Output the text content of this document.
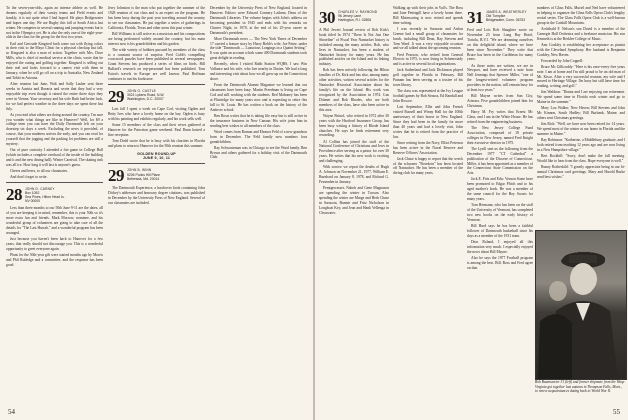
To the seven-year-olds, again an intense athlete as well. He dreams regularly of their varsity teams and Field events and frankly, it is not quite what I had hoped. He plays Bridgewater and hopes one day. We are Rugby this fall at South Africa last winter. He competes in several running and jumping events but is not in the Olympics yet. He is also the only one of the eight-year-olds in the class for the group for the first two years.

Earl and Gertrude Kingsted both come out with flying colors in their visit to the Mayo Clinic for a physical checkup last fall, so Kingsted is also a man of action. Together with Mrs. Dave Mills, who is chief of medical service at the clinic, wrote that he enjoyed the outing and golfing together. Kingsted is selling out their real and looks forward to a cameo visit with them in January, when he will go off on a trip to Australia, New Zealand and Tahiti in Arizona.

After reunion last June, Walt and Sally Lasher sent three weeks in Austria and Bavaria and wrote that they had a very enjoyable trip even though it rained the entire three days they were in Vienna. Your secretary and his wife Ruth had better luck, for we had perfect weather in the three days we spent there last July.

As you read what others are doing around the country, I'm sure you wonder what things are like in Hanover? Well, for $9 a college term you can have the Daily Dartmouth left on your doorstep six days a week. Excluding the news it provided, of course, that your madness arrives the early, and you can read for yourself that the jogging and the parking lot problems are still a mystery.

Out of pure curiosity I attended a fire game in College Hall (which includes a complete overhaul of the inside of the building and it and the new dining hall). Winter Carnival. The skating rink was all ice. How long it will last is anyone's guess.

Cheers and beers, to all our classmates.

And don't forget to write.

28 JOHN D. CARNEY
Box 1052
Sea Pines, Hilton Head Is.
NV 00000

Less than three months to our 50th June 9-11 are the dates, all of you are keeping it in mind, remember, this is your 50th so it's more extra fun and friends. Mark Morrow, nominee, and his wonderful group of volunteers are going to take care of all the details for "The Last Hurrah," and a wonderful program has been arranged.

Just because you haven't been back to Hanover for a few years, that really should not discourage you. This is a wonderful opportunity to greet everyone again.

Plans for the 50th-year gift were started months ago by Morris and Phil Rutledge and a committee, and the response has been good.

Jerry Johnston is the man who put together the summer of the 1928 reunion of our class and is an expert on the program. He has been busy during the past year traveling around the country to see our classmates. He put together a series of gatherings in California, Florida, Texas and other areas this past winter.

Bill Williams is still active as a musician and his compositions are being performed widely around the country, but his main interest now is his grandchildren and his garden.

The wide variety of hobbies pursued by members of the class is a constant source of surprise. Fred Cobb's compelling crossword puzzles have been published in several newspapers. Grant Stevens has produced a series of films on birds. Bill Bullard's research on rep-personnel has been published. Tom Eaton's travels in Europe are well known. Paul Hoffman continues to run his bookstore.

29 JOHN G. CASTLE
3021 Lykens Road, N.W.
Washington, D.C. 20007

Last fall I spent a week on Cape Cod, visiting Ogden and Betty Ives who have a lovely home on the bay. Ogden is busy with his painting and exhibits regularly, and his work sells well.

Some 15 members of the class and their wives gathered at Hanover for the Princeton game weekend. Paul Dunn hosted a fine reception.

Tom Dodd wrote that he is busy with his charities in Florida and plans to return to Hanover for the 50th reunion this summer.

GOLDEN ROUND-UP
JUNE 9, 10, 11
29 JOHN B. WINN
5206 Pooks Hill Place
Bethesda, Md. 20014

The Dartmouth Experience, a hardcover book containing John Dickey's addresses and honorary degree citations, was published in December by the University Press of New England. Several of our classmates are included.

December by the University Press of New England, located in Hanover. Editors were Edward Connery Lathem, Dean of the Dartmouth Libraries. The volume begins with John's address on becoming president in 1945 and ends with his remarks on Charter Night, in 1970, at the end of his 25-year career as Dartmouth's president.

More Dartmouth news — The New York Times of December 17 carried a feature story by Harry Bobb's wife, Joe Paine, under the title "Dartmouth — Luxurious Longings in a Quaint Setting." It was quite an account which some 400 Dartmouth students took great delight in reading.

Recently, when I visited Rabb Station WQBS, I saw Win Vallance and his wife, who live nearby in Darien. We had a long and interesting visit about how we all grew up on the Connecticut shore.

From the Dartmouth Alumni Magazine we learned that our classmates have been busy. Martin Freedman is living on Cape Cod and still working with the students. Red Mahoney has been at Flintridge for many years now and is expecting to retire this fall to St. Louis. He has written a book on the history of the Andover school.

Ben Rossi writes that he is taking life easy but is still active in the insurance business in New Canaan. His wife joins him in sending best wishes to all members of the class.

Word comes from Roman and Eleanor Feld of a new grandson born in December. The Feld family now numbers four grandchildren.

Ray Schwartzman was in Chicago to see the Ward family. Ben Brown and others gathered for a holiday visit of the Dartmouth Club.

54
30 CHARLES V. RAYMOND
96 Jersey Lane
Hartington, R.I. 02806

A Phil Jewett Journal review of Rob Kirk's book titled In 1974 "There Is Not Just One Shoreline" of Fiscal Year Nantucket history is included among the many articles. Rob, who lives in Nantucket, has been a student of Nantucket history for many years. He has published articles on the Island and its fishing industry.

Rob has been actively following the Hilton families of Dr. Kirk and has also, among many other activities, written several articles for the Nantucket Historical Association about his family's life on the Island. His work was recognized by the Association in 1974. Gus Dittmer and Bob Rhodes, who are both members of the class, have also been active in this area.

Wayne Bristol, who retired in 1972 after 30 years with the Hartford Insurance Group, has been busy writing a history of Rhode Island churches. He says he finds retirement very rewarding.

Al Collins has joined the staff of the National Conference of Christians and Jews in Providence after serving as a pastor for over 30 years. He writes that his new work is exciting and challenging.

With sorrow we report the deaths of Hugh A. Johnson on November 21, 1977, William E. Burnhard on January 8, 1978, and Richard G. Fessenden in January.

Pemigewasset, Nabob and Gene Magnuson are spending the winter in Tucson. Also spending the winter are Marge and Herb Chase in Sarasota, Bunnie and Fritz Nicholson in Longboat Key, and Jean and Hank Vellenga in Clearwater.

Walking up with their jobs in Vail's. The Ross and Jane Pettingill have a lovely home there. Bill Mainwaring is now retired and spends time writing.

I was recently in Sarasota and Arthur Greene had a small group of classmates for lunch, including Bill Dean, Ray Stevens and Tom Ward. It was a very enjoyable occasion and we all talked about the upcoming reunion.

Fred Pearson, who retired from General Electric in 1975, is now living in Schenectady and is active in several local organizations.

Jack Sutherland and Jack Dickinson played golf together in Florida in February. Bill Putnam has been serving as a trustee of his town library.

The class was represented at the Ivy League football games by Bob Strauss, Ed Randall and John Roscoe.

Last September, Ellie and John French visited Russell and Winny Hall for the 100th anniversary of their house in New England. Since they had been in the family for more than 40 years and had a lovely visit, John writes that he is retired from the practice of law.

Since retiring from the Navy, Elliot Peterson has been active in the Naval Reserve and Reserve Officers' Association.

Jack Chase is happy to report that the wreck of the schooner "Bowdoin" has been located off Nantucket. He has been a member of the diving club for many years.

31 JAMES A. WEATHERLEY
Old Turnpike
Bridgewater, Conn. 06752

Fred and Lois Rolt Slaughter wrote on November 23 from Long Bay Hotel, Tortola, B.V.I. "We are dreaming ourselves on this delightful island, where we have been since November." They write that Bruce has been in the Caribbean for many years.

As these notes are written, we are in Newport, and have received a note from Nell Jennings that Spencer Miller, "one of the longest-retired volunteer program providers in the nation, will remain busy for at least two years."

Bill Mayne writes from Sun City, Arizona. Five grandchildren joined him for Christmas.

Harry M. Fry writes that Ernest Mc Glass, and I am in the White House. He has retired from the engineering business.

The New Jersey College Fund Association, composed of 18 private colleges in New Jersey, named Fred Knight their executive director in 1975.

The Lysill sent us the following from the December 1977 "CT Cathedral" a publication of the Diocese of Connecticut. Miller, it has been appointed as a member of the Connecticut State Commission on the Arts.

Jack E. Fitts and Edw. Vernon Stone have been promoted to Edgar Pfitch and to his aged mother's book. He was a member of the same council for the Boy Scouts for many years.

Tom Hermann, who has been on the staff of the University of Vermont, has completed two new books on the early history of Vermont.

Bill Hurd says he has been a faithful follower of Dartmouth basketball since his days as a member of the 1931 team.

Dear Roland, I enjoyed all this information very much. I especially enjoyed the news about Bill Mayne.

Also he says the 1977 Football program is among the best. Bill, Ross and Fred agree on that.

numbers of Glass Falls, Muriel and Ned have volunteered in helping to organize the Glass Falls Opera Club's lengthy recital series. The Glass Falls Opera Club is a well-known group in the Catskill Mountains.

Archibald F. Nelson's son David is a member of the Carnegie Hall Orchestra and a freelance musician. His son Kenneth is at the Berklee College of Music.

Ann Coakley is establishing her acceptance as pianist with the Cleveland Symphony. Her husband is Benjamin Coakley, New Haven.

Forwarded by John Coppell:

Bruce Mc Gillicuddy: "Here is his once-every-five years note. I am at home and I'm still proud to be an old man of Mt. Kisco. After a very successful reunion, my wife and I moved to Heritage Village. I'm busy but still have time for reading, writing, and golf."

Jim Waldron: "Donna and I are enjoying our retirement. We spend some time in Florida each winter and go to Maine in the summer."

Mary Lou Walker, New Haven; Bill Stevens and John Mc Kinnon, South Hadley; Bill Burbank, Maine; and others sent Christmas greetings.

Jim Rick: "Well, we have now been retired for 14 years. We spend most of the winter at our home in Florida and the summer in Maine."

Ray Robinson: "Katherine, a Middlebury graduate, and I both retired from teaching 12 years ago and are now living in a New Hampshire village."

Bert Rockhill: "Sorry, don't make the fall meeting. Would like to hear from the class. Hope everyone is well."

Bunny Rotherkild: "I greatly appreciate being in our bi-annual Christmas card greetings. Mary and Harold Burke send best wishes."

Bob Baumwarter 31 (left) and former shipmate from the Wasp Virginia got together last autumn in Thompson Falls, Mont., to renew acquaintances dating back to World War II.
55
